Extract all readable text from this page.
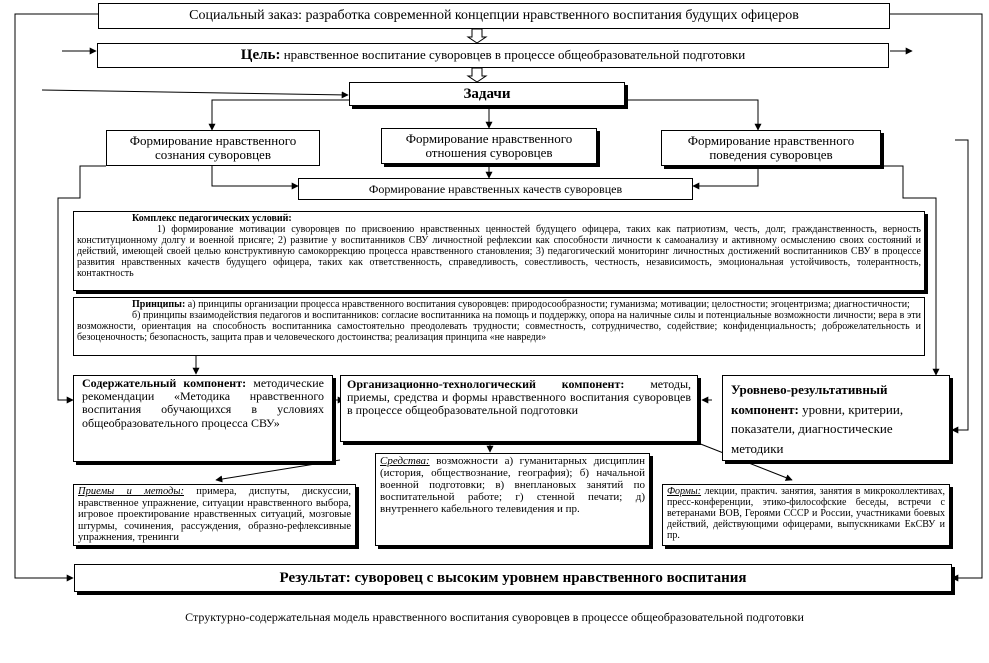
Социальный заказ: разработка современной концепции нравственного воспитания будущих офицеров
Цель: нравственное воспитание суворовцев в процессе общеобразовательной подготовки
Задачи
Формирование нравственного сознания суворовцев
Формирование нравственного отношения суворовцев
Формирование нравственного поведения суворовцев
Формирование нравственных качеств суворовцев
Комплекс педагогических условий:
1) формирование мотивации суворовцев по присвоению нравственных ценностей будущего офицера, таких как патриотизм, честь, долг, гражданственность, верность конституционному долгу и военной присяге; 2) развитие у воспитанников СВУ личностной рефлексии как способности личности к самоанализу и активному осмыслению своих состояний и действий, имеющей своей целью конструктивную самокоррекцию процесса нравственного становления; 3) педагогический мониторинг личностных достижений воспитанников СВУ в процессе развития нравственных качеств будущего офицера, таких как ответственность, справедливость, совестливость, честность, независимость, эмоциональная устойчивость, толерантность, контактность
Принципы: а) принципы организации процесса нравственного воспитания суворовцев: природосообразности; гуманизма; мотивации; целостности; эгоцентризма; диагностичности;
б) принципы взаимодействия педагогов и воспитанников: согласие воспитанника на помощь и поддержку, опора на наличные силы и потенциальные возможности личности; вера в эти возможности, ориентация на способность воспитанника самостоятельно преодолевать трудности; совместность, сотрудничество, содействие; конфиденциальность; доброжелательность и безоценочность; безопасность, защита прав и человеческого достоинства; реализация принципа «не навреди»
Содержательный компонент: методические рекомендации «Методика нравственного воспитания обучающихся в условиях общеобразовательного процесса СВУ»
Организационно-технологический компонент: методы, приемы, средства и формы нравственного воспитания суворовцев в процессе общеобразовательной подготовки
Уровнево-результативный компонент: уровни, критерии, показатели, диагностические методики
Приемы и методы: примера, диспуты, дискуссии, нравственное упражнение, ситуации нравственного выбора, игровое проектирование нравственных ситуаций, мозговые штурмы, сочинения, рассуждения, образно-рефлексивные упражнения, тренинги
Средства: возможности а) гуманитарных дисциплин (история, обществознание, география); б) начальной военной подготовки; в) внеплановых занятий по воспитательной работе; г) стенной печати; д) внутреннего кабельного телевидения и пр.
Формы: лекции, практич. занятия, занятия в микроколлективах, пресс-конференции, этико-философские беседы, встречи с ветеранами ВОВ, Героями СССР и России, участниками боевых действий, действующими офицерами, выпускниками ЕкСВУ и пр.
Результат: суворовец с высоким уровнем нравственного воспитания
Структурно-содержательная модель нравственного воспитания суворовцев в процессе общеобразовательной подготовки
